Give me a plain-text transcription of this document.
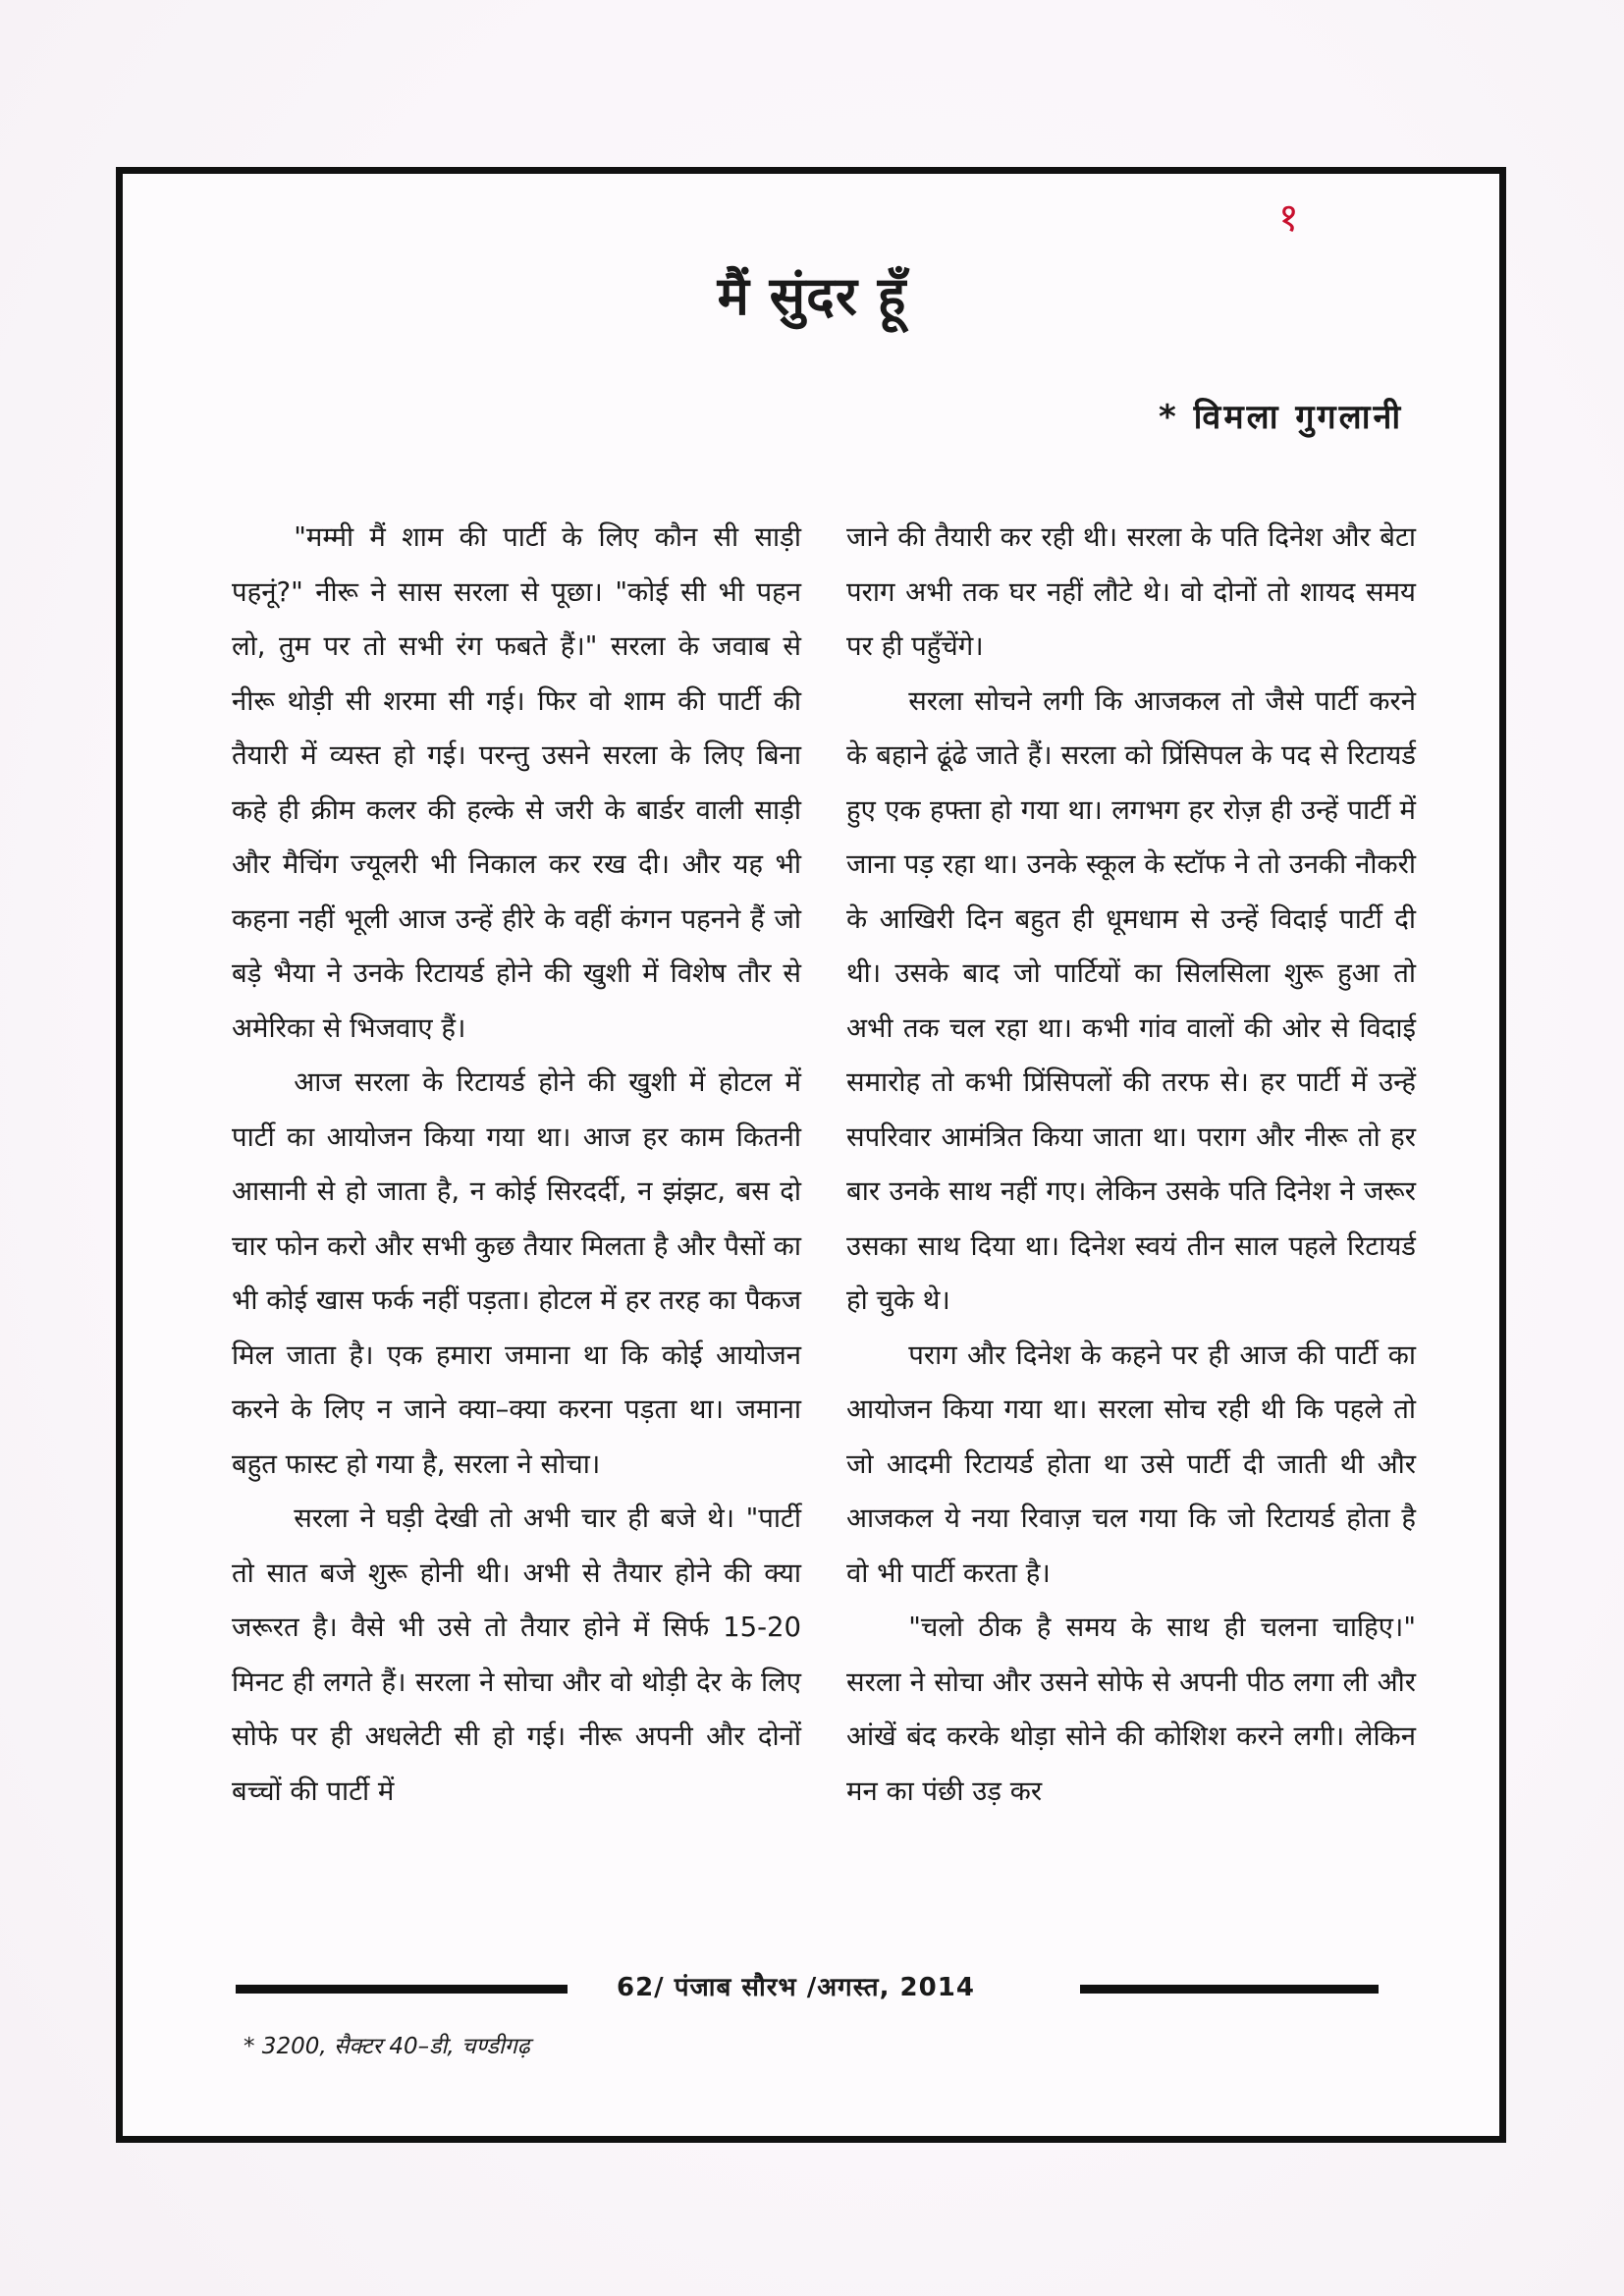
१
मैं सुंदर हूँ
* विमला गुगलानी

"मम्मी मैं शाम की पार्टी के लिए कौन सी साड़ी पहनूं?" नीरू ने सास सरला से पूछा। "कोई सी भी पहन लो, तुम पर तो सभी रंग फबते हैं।" सरला के जवाब से नीरू थोड़ी सी शरमा सी गई। फिर वो शाम की पार्टी की तैयारी में व्यस्त हो गई। परन्तु उसने सरला के लिए बिना कहे ही क्रीम कलर की हल्के से जरी के बार्डर वाली साड़ी और मैचिंग ज्यूलरी भी निकाल कर रख दी। और यह भी कहना नहीं भूली आज उन्हें हीरे के वहीं कंगन पहनने हैं जो बड़े भैया ने उनके रिटायर्ड होने की खुशी में विशेष तौर से अमेरिका से भिजवाए हैं।

आज सरला के रिटायर्ड होने की खुशी में होटल में पार्टी का आयोजन किया गया था। आज हर काम कितनी आसानी से हो जाता है, न कोई सिरदर्दी, न झंझट, बस दो चार फोन करो और सभी कुछ तैयार मिलता है और पैसों का भी कोई खास फर्क नहीं पड़ता। होटल में हर तरह का पैकज मिल जाता है। एक हमारा जमाना था कि कोई आयोजन करने के लिए न जाने क्या–क्या करना पड़ता था। जमाना बहुत फास्ट हो गया है, सरला ने सोचा।

सरला ने घड़ी देखी तो अभी चार ही बजे थे। "पार्टी तो सात बजे शुरू होनी थी। अभी से तैयार होने की क्या जरूरत है। वैसे भी उसे तो तैयार होने में सिर्फ 15-20 मिनट ही लगते हैं। सरला ने सोचा और वो थोड़ी देर के लिए सोफे पर ही अधलेटी सी हो गई। नीरू अपनी और दोनों बच्चों की पार्टी में

जाने की तैयारी कर रही थी। सरला के पति दिनेश और बेटा पराग अभी तक घर नहीं लौटे थे। वो दोनों तो शायद समय पर ही पहुँचेंगे।

सरला सोचने लगी कि आजकल तो जैसे पार्टी करने के बहाने ढूंढे जाते हैं। सरला को प्रिंसिपल के पद से रिटायर्ड हुए एक हफ्ता हो गया था। लगभग हर रोज़ ही उन्हें पार्टी में जाना पड़ रहा था। उनके स्कूल के स्टॉफ ने तो उनकी नौकरी के आखिरी दिन बहुत ही धूमधाम से उन्हें विदाई पार्टी दी थी। उसके बाद जो पार्टियों का सिलसिला शुरू हुआ तो अभी तक चल रहा था। कभी गांव वालों की ओर से विदाई समारोह तो कभी प्रिंसिपलों की तरफ से। हर पार्टी में उन्हें सपरिवार आमंत्रित किया जाता था। पराग और नीरू तो हर बार उनके साथ नहीं गए। लेकिन उसके पति दिनेश ने जरूर उसका साथ दिया था। दिनेश स्वयं तीन साल पहले रिटायर्ड हो चुके थे।

पराग और दिनेश के कहने पर ही आज की पार्टी का आयोजन किया गया था। सरला सोच रही थी कि पहले तो जो आदमी रिटायर्ड होता था उसे पार्टी दी जाती थी और आजकल ये नया रिवाज़ चल गया कि जो रिटायर्ड होता है वो भी पार्टी करता है।

"चलो ठीक है समय के साथ ही चलना चाहिए।" सरला ने सोचा और उसने सोफे से अपनी पीठ लगा ली और आंखें बंद करके थोड़ा सोने की कोशिश करने लगी। लेकिन मन का पंछी उड़ कर

62/ पंजाब सौरभ /अगस्त, 2014
* 3200, सैक्टर 40–डी, चण्डीगढ़
